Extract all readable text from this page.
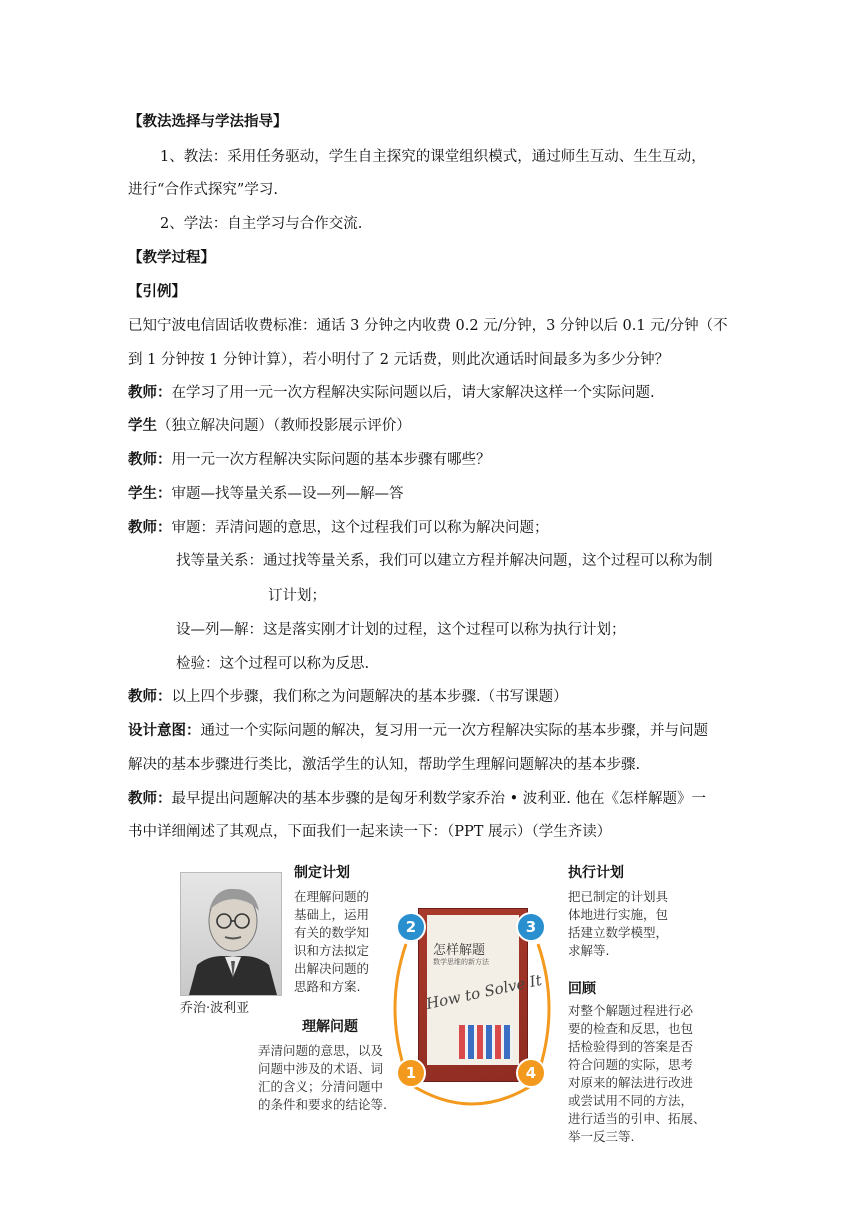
【教法选择与学法指导】
1、教法：采用任务驱动，学生自主探究的课堂组织模式，通过师生互动、生生互动，
进行“合作式探究”学习.
2、学法：自主学习与合作交流.
【教学过程】
【引例】
已知宁波电信固话收费标准：通话 3 分钟之内收费 0.2 元/分钟，3 分钟以后 0.1 元/分钟（不
到 1 分钟按 1 分钟计算），若小明付了 2 元话费，则此次通话时间最多为多少分钟？
教师：在学习了用一元一次方程解决实际问题以后，请大家解决这样一个实际问题.
学生（独立解决问题）（教师投影展示评价）
教师：用一元一次方程解决实际问题的基本步骤有哪些？
学生：审题—找等量关系—设—列—解—答
教师：审题：弄清问题的意思，这个过程我们可以称为解决问题；
找等量关系：通过找等量关系，我们可以建立方程并解决问题，这个过程可以称为制
订计划；
设—列—解：这是落实刚才计划的过程，这个过程可以称为执行计划；
检验：这个过程可以称为反思.
教师：以上四个步骤，我们称之为问题解决的基本步骤.（书写课题）
设计意图：通过一个实际问题的解决，复习用一元一次方程解决实际的基本步骤，并与问题
解决的基本步骤进行类比，激活学生的认知，帮助学生理解问题解决的基本步骤.
教师：最早提出问题解决的基本步骤的是匈牙利数学家乔治 • 波利亚. 他在《怎样解题》一
书中详细阐述了其观点，下面我们一起来读一下：（PPT 展示）（学生齐读）
乔治·波利亚
怎样解题
数学思维的新方法
How to Solve It
2	3
1	4
制定计划
在理解问题的
基础上，运用
有关的数学知
识和方法拟定
出解决问题的
思路和方案.
理解问题
弄清问题的意思，以及
问题中涉及的术语、词
汇的含义；分清问题中
的条件和要求的结论等.
执行计划
把已制定的计划具
体地进行实施，包
括建立数学模型，
求解等.
回顾
对整个解题过程进行必
要的检查和反思，也包
括检验得到的答案是否
符合问题的实际，思考
对原来的解法进行改进
或尝试用不同的方法，
进行适当的引申、拓展、
举一反三等.
